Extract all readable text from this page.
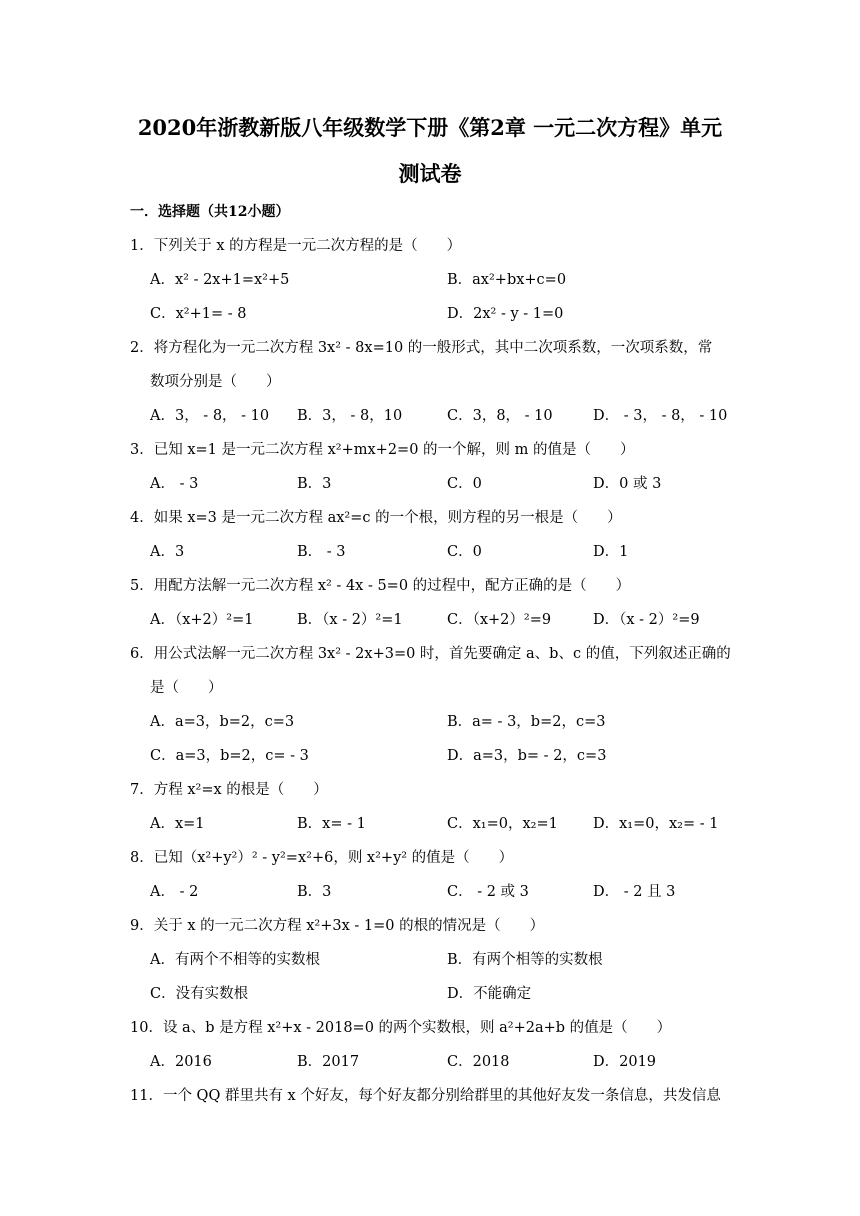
2020年浙教新版八年级数学下册《第2章 一元二次方程》单元
测试卷
一．选择题（共12小题）
1．下列关于 x 的方程是一元二次方程的是（　　）
A．x² - 2x+1=x²+5	B．ax²+bx+c=0
C．x²+1= - 8	D．2x² - y - 1=0
2．将方程化为一元二次方程 3x² - 8x=10 的一般形式，其中二次项系数，一次项系数，常
数项分别是（　　）
A．3， - 8， - 10 B．3， - 8，10	C．3，8， - 10	D． - 3， - 8， - 10
3．已知 x=1 是一元二次方程 x²+mx+2=0 的一个解，则 m 的值是（　　）
A． - 3	B．3	C．0	D．0 或 3
4．如果 x=3 是一元二次方程 ax²=c 的一个根，则方程的另一根是（　　）
A．3	B． - 3	C．0	D．1
5．用配方法解一元二次方程 x² - 4x - 5=0 的过程中，配方正确的是（　　）
A．（x+2）²=1	B．（x - 2）²=1	C．（x+2）²=9	D．（x - 2）²=9
6．用公式法解一元二次方程 3x² - 2x+3=0 时，首先要确定 a、b、c 的值，下列叙述正确的
是（　　）
A．a=3，b=2，c=3	B．a= - 3，b=2，c=3
C．a=3，b=2，c= - 3	D．a=3，b= - 2，c=3
7．方程 x²=x 的根是（　　）
A．x=1	B．x= - 1	C．x₁=0，x₂=1 D．x₁=0，x₂= - 1
8．已知（x²+y²）² - y²=x²+6，则 x²+y² 的值是（　　）
A． - 2	B．3	C． - 2 或 3	D． - 2 且 3
9．关于 x 的一元二次方程 x²+3x - 1=0 的根的情况是（　　）
A．有两个不相等的实数根	B．有两个相等的实数根
C．没有实数根	D．不能确定
10．设 a、b 是方程 x²+x - 2018=0 的两个实数根，则 a²+2a+b 的值是（　　）
A．2016	B．2017	C．2018	D．2019
11．一个 QQ 群里共有 x 个好友，每个好友都分别给群里的其他好友发一条信息，共发信息
